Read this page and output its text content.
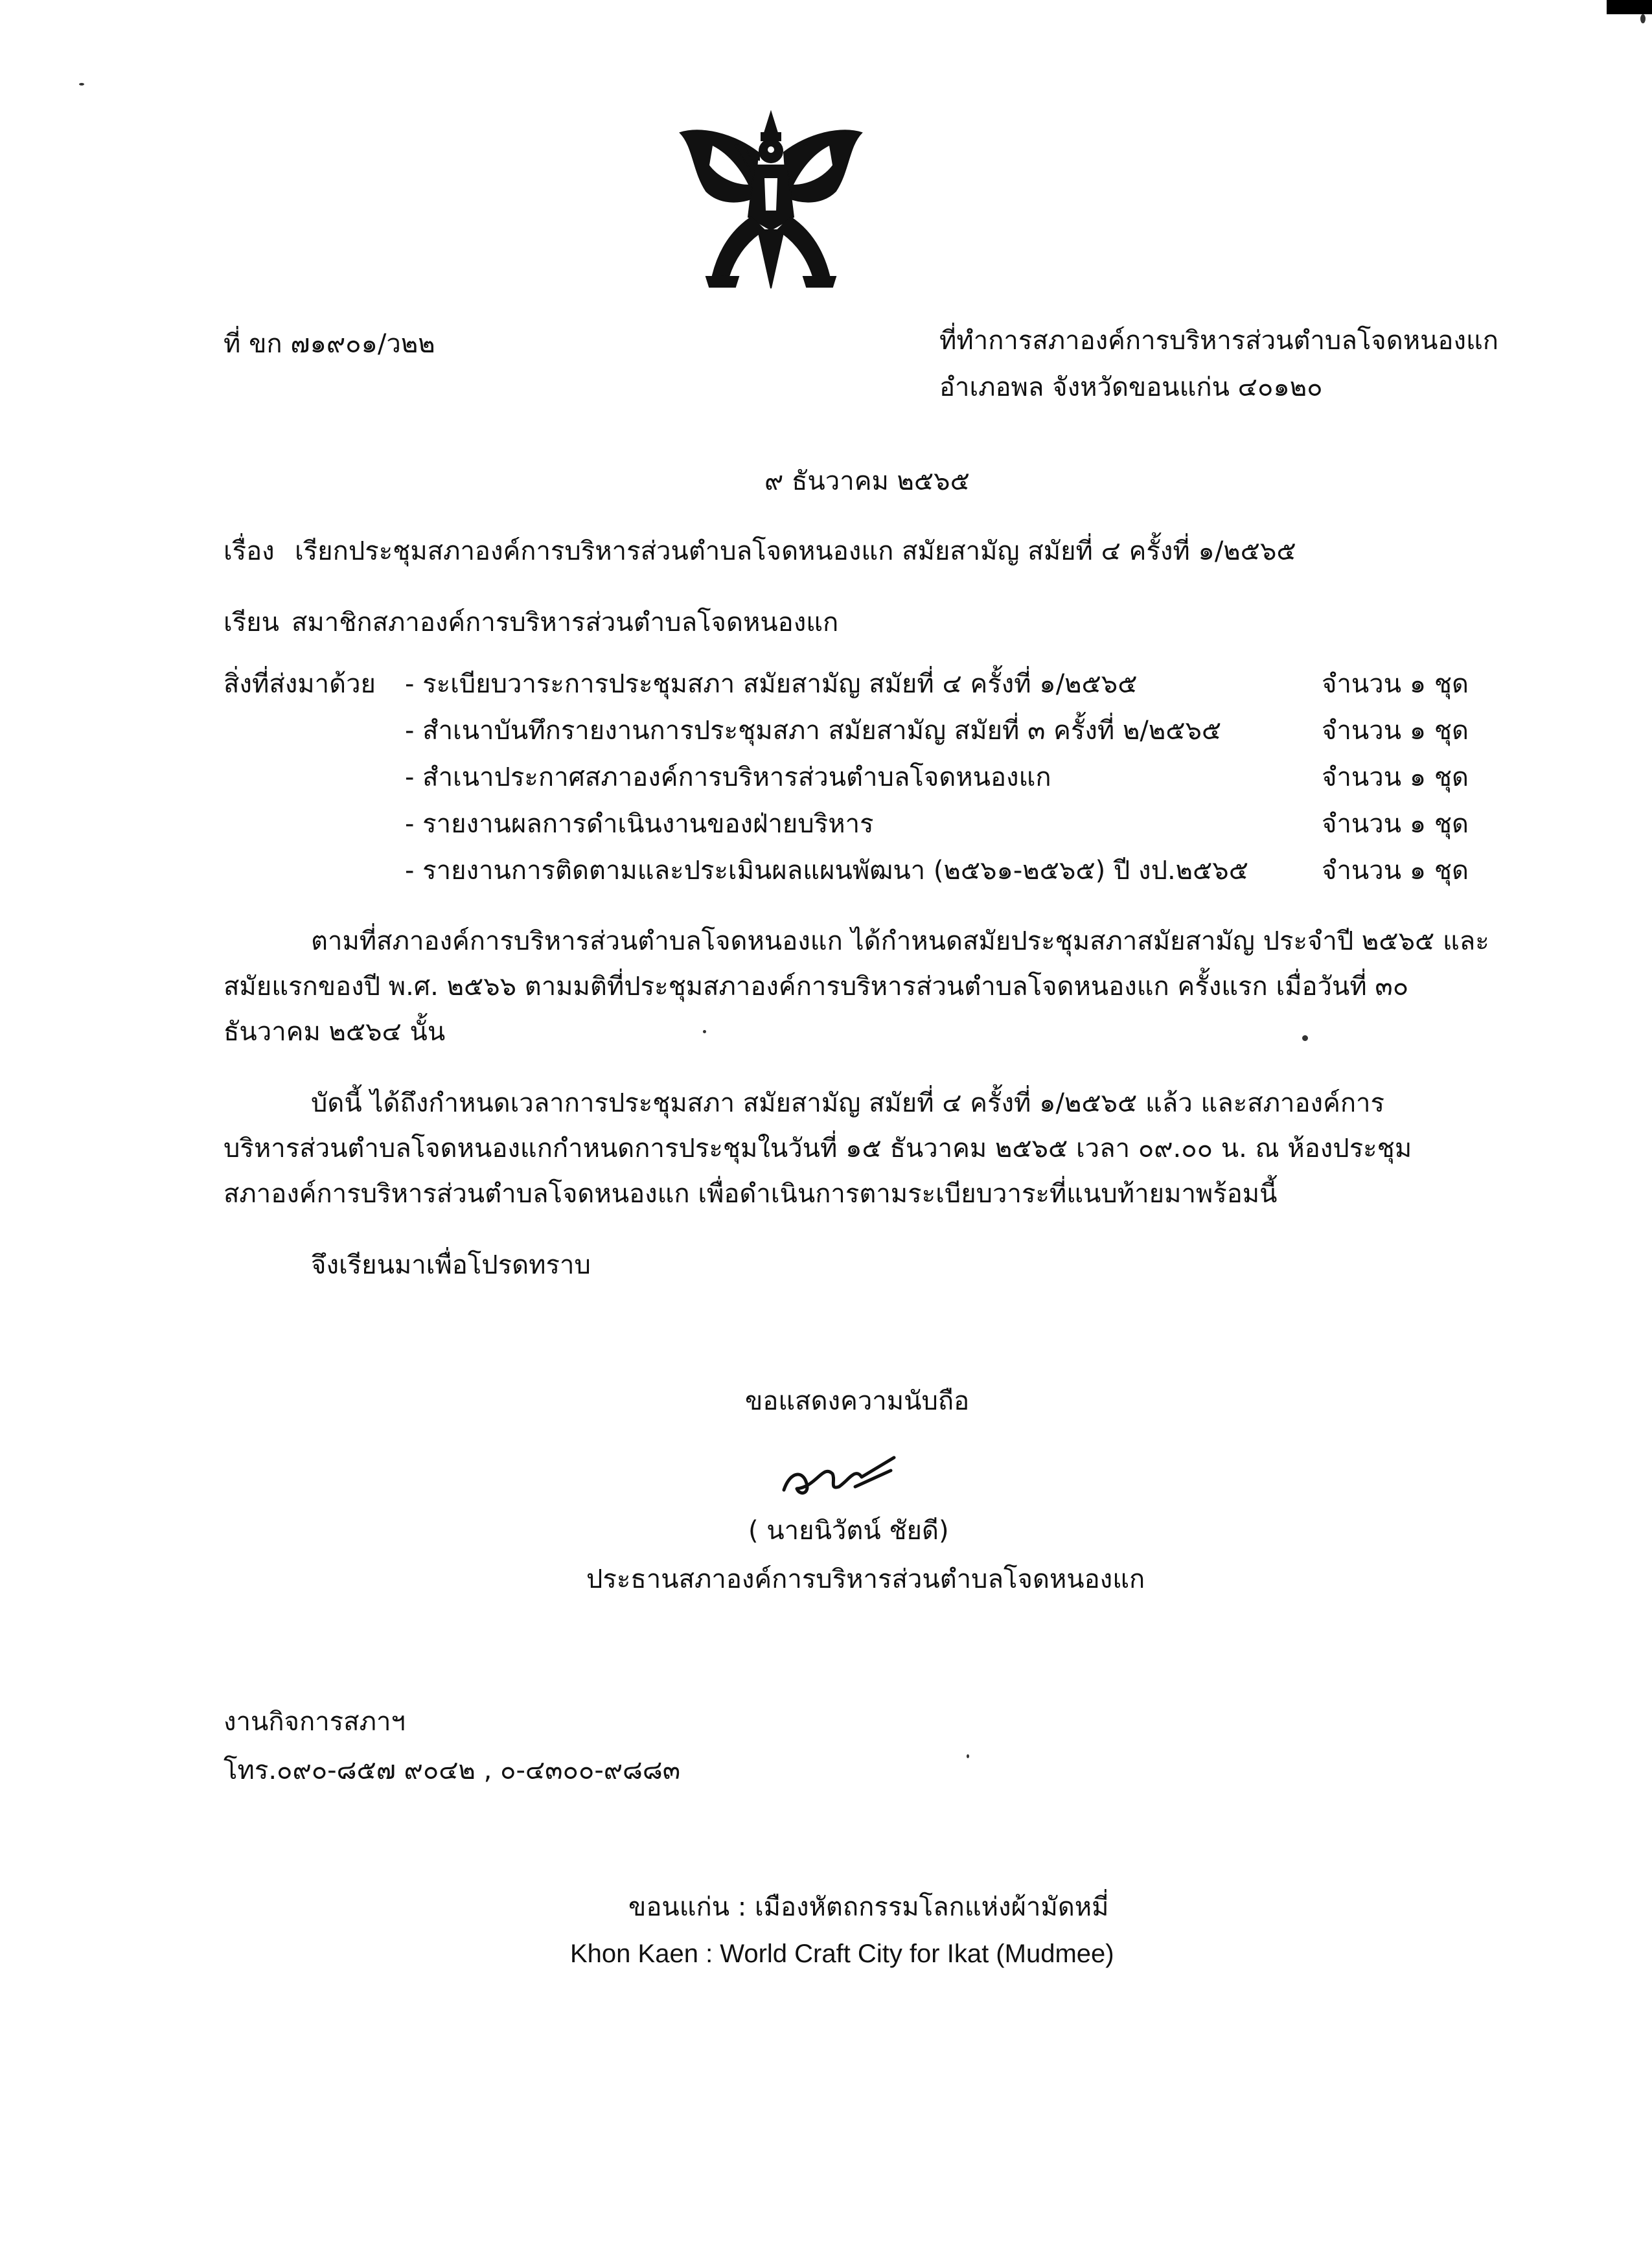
ที่ ขก ๗๑๙๐๑/ว๒๒	ที่ทำการสภาองค์การบริหารส่วนตำบลโจดหนองแก
อำเภอพล จังหวัดขอนแก่น ๔๐๑๒๐
๙ ธันวาคม ๒๕๖๕
เรื่อง เรียกประชุมสภาองค์การบริหารส่วนตำบลโจดหนองแก สมัยสามัญ สมัยที่ ๔ ครั้งที่ ๑/๒๕๖๕
เรียน สมาชิกสภาองค์การบริหารส่วนตำบลโจดหนองแก
สิ่งที่ส่งมาด้วย - ระเบียบวาระการประชุมสภา สมัยสามัญ สมัยที่ ๔ ครั้งที่ ๑/๒๕๖๕	จำนวน ๑ ชุด
- สำเนาบันทึกรายงานการประชุมสภา สมัยสามัญ สมัยที่ ๓ ครั้งที่ ๒/๒๕๖๕	จำนวน ๑ ชุด
- สำเนาประกาศสภาองค์การบริหารส่วนตำบลโจดหนองแก	จำนวน ๑ ชุด
- รายงานผลการดำเนินงานของฝ่ายบริหาร	จำนวน ๑ ชุด
- รายงานการติดตามและประเมินผลแผนพัฒนา (๒๕๖๑-๒๕๖๕) ปี งป.๒๕๖๕	จำนวน ๑ ชุด
ตามที่สภาองค์การบริหารส่วนตำบลโจดหนองแก ได้กำหนดสมัยประชุมสภาสมัยสามัญ ประจำปี ๒๕๖๕ และ
สมัยแรกของปี พ.ศ. ๒๕๖๖ ตามมติที่ประชุมสภาองค์การบริหารส่วนตำบลโจดหนองแก ครั้งแรก เมื่อวันที่ ๓๐
ธันวาคม ๒๕๖๔ นั้น
บัดนี้ ได้ถึงกำหนดเวลาการประชุมสภา สมัยสามัญ สมัยที่ ๔ ครั้งที่ ๑/๒๕๖๕ แล้ว และสภาองค์การ
บริหารส่วนตำบลโจดหนองแกกำหนดการประชุมในวันที่ ๑๕ ธันวาคม ๒๕๖๕ เวลา ๐๙.๐๐ น. ณ ห้องประชุม
สภาองค์การบริหารส่วนตำบลโจดหนองแก เพื่อดำเนินการตามระเบียบวาระที่แนบท้ายมาพร้อมนี้
จึงเรียนมาเพื่อโปรดทราบ
ขอแสดงความนับถือ
( นายนิวัตน์ ชัยดี)
ประธานสภาองค์การบริหารส่วนตำบลโจดหนองแก
งานกิจการสภาฯ
โทร.๐๙๐-๘๕๗ ๙๐๔๒ , ๐-๔๓๐๐-๙๘๘๓
ขอนแก่น : เมืองหัตถกรรมโลกแห่งผ้ามัดหมี่
Khon Kaen : World Craft City for Ikat (Mudmee)
